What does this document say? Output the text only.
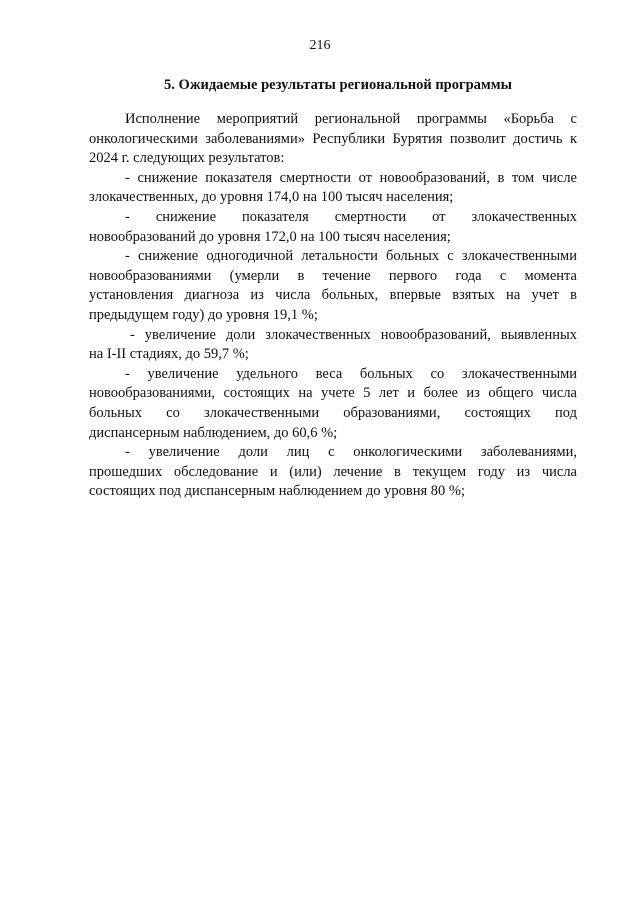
216
5. Ожидаемые результаты региональной программы
Исполнение мероприятий региональной программы «Борьба с
онкологическими заболеваниями» Республики Бурятия позволит достичь к
2024 г. следующих результатов:
- снижение показателя смертности от новообразований, в том числе
злокачественных, до уровня 174,0 на 100 тысяч населения;
- снижение показателя смертности от злокачественных
новообразований до уровня 172,0 на 100 тысяч населения;
- снижение одногодичной летальности больных с злокачественными
новообразованиями (умерли в течение первого года с момента
установления диагноза из числа больных, впервые взятых на учет в
предыдущем году) до уровня 19,1 %;
- увеличение доли злокачественных новообразований, выявленных
на I-II стадиях, до 59,7 %;
- увеличение удельного веса больных со злокачественными
новообразованиями, состоящих на учете 5 лет и более из общего числа
больных со злокачественными образованиями, состоящих под
диспансерным наблюдением, до 60,6 %;
- увеличение доли лиц с онкологическими заболеваниями,
прошедших обследование и (или) лечение в текущем году из числа
состоящих под диспансерным наблюдением до уровня 80 %;
